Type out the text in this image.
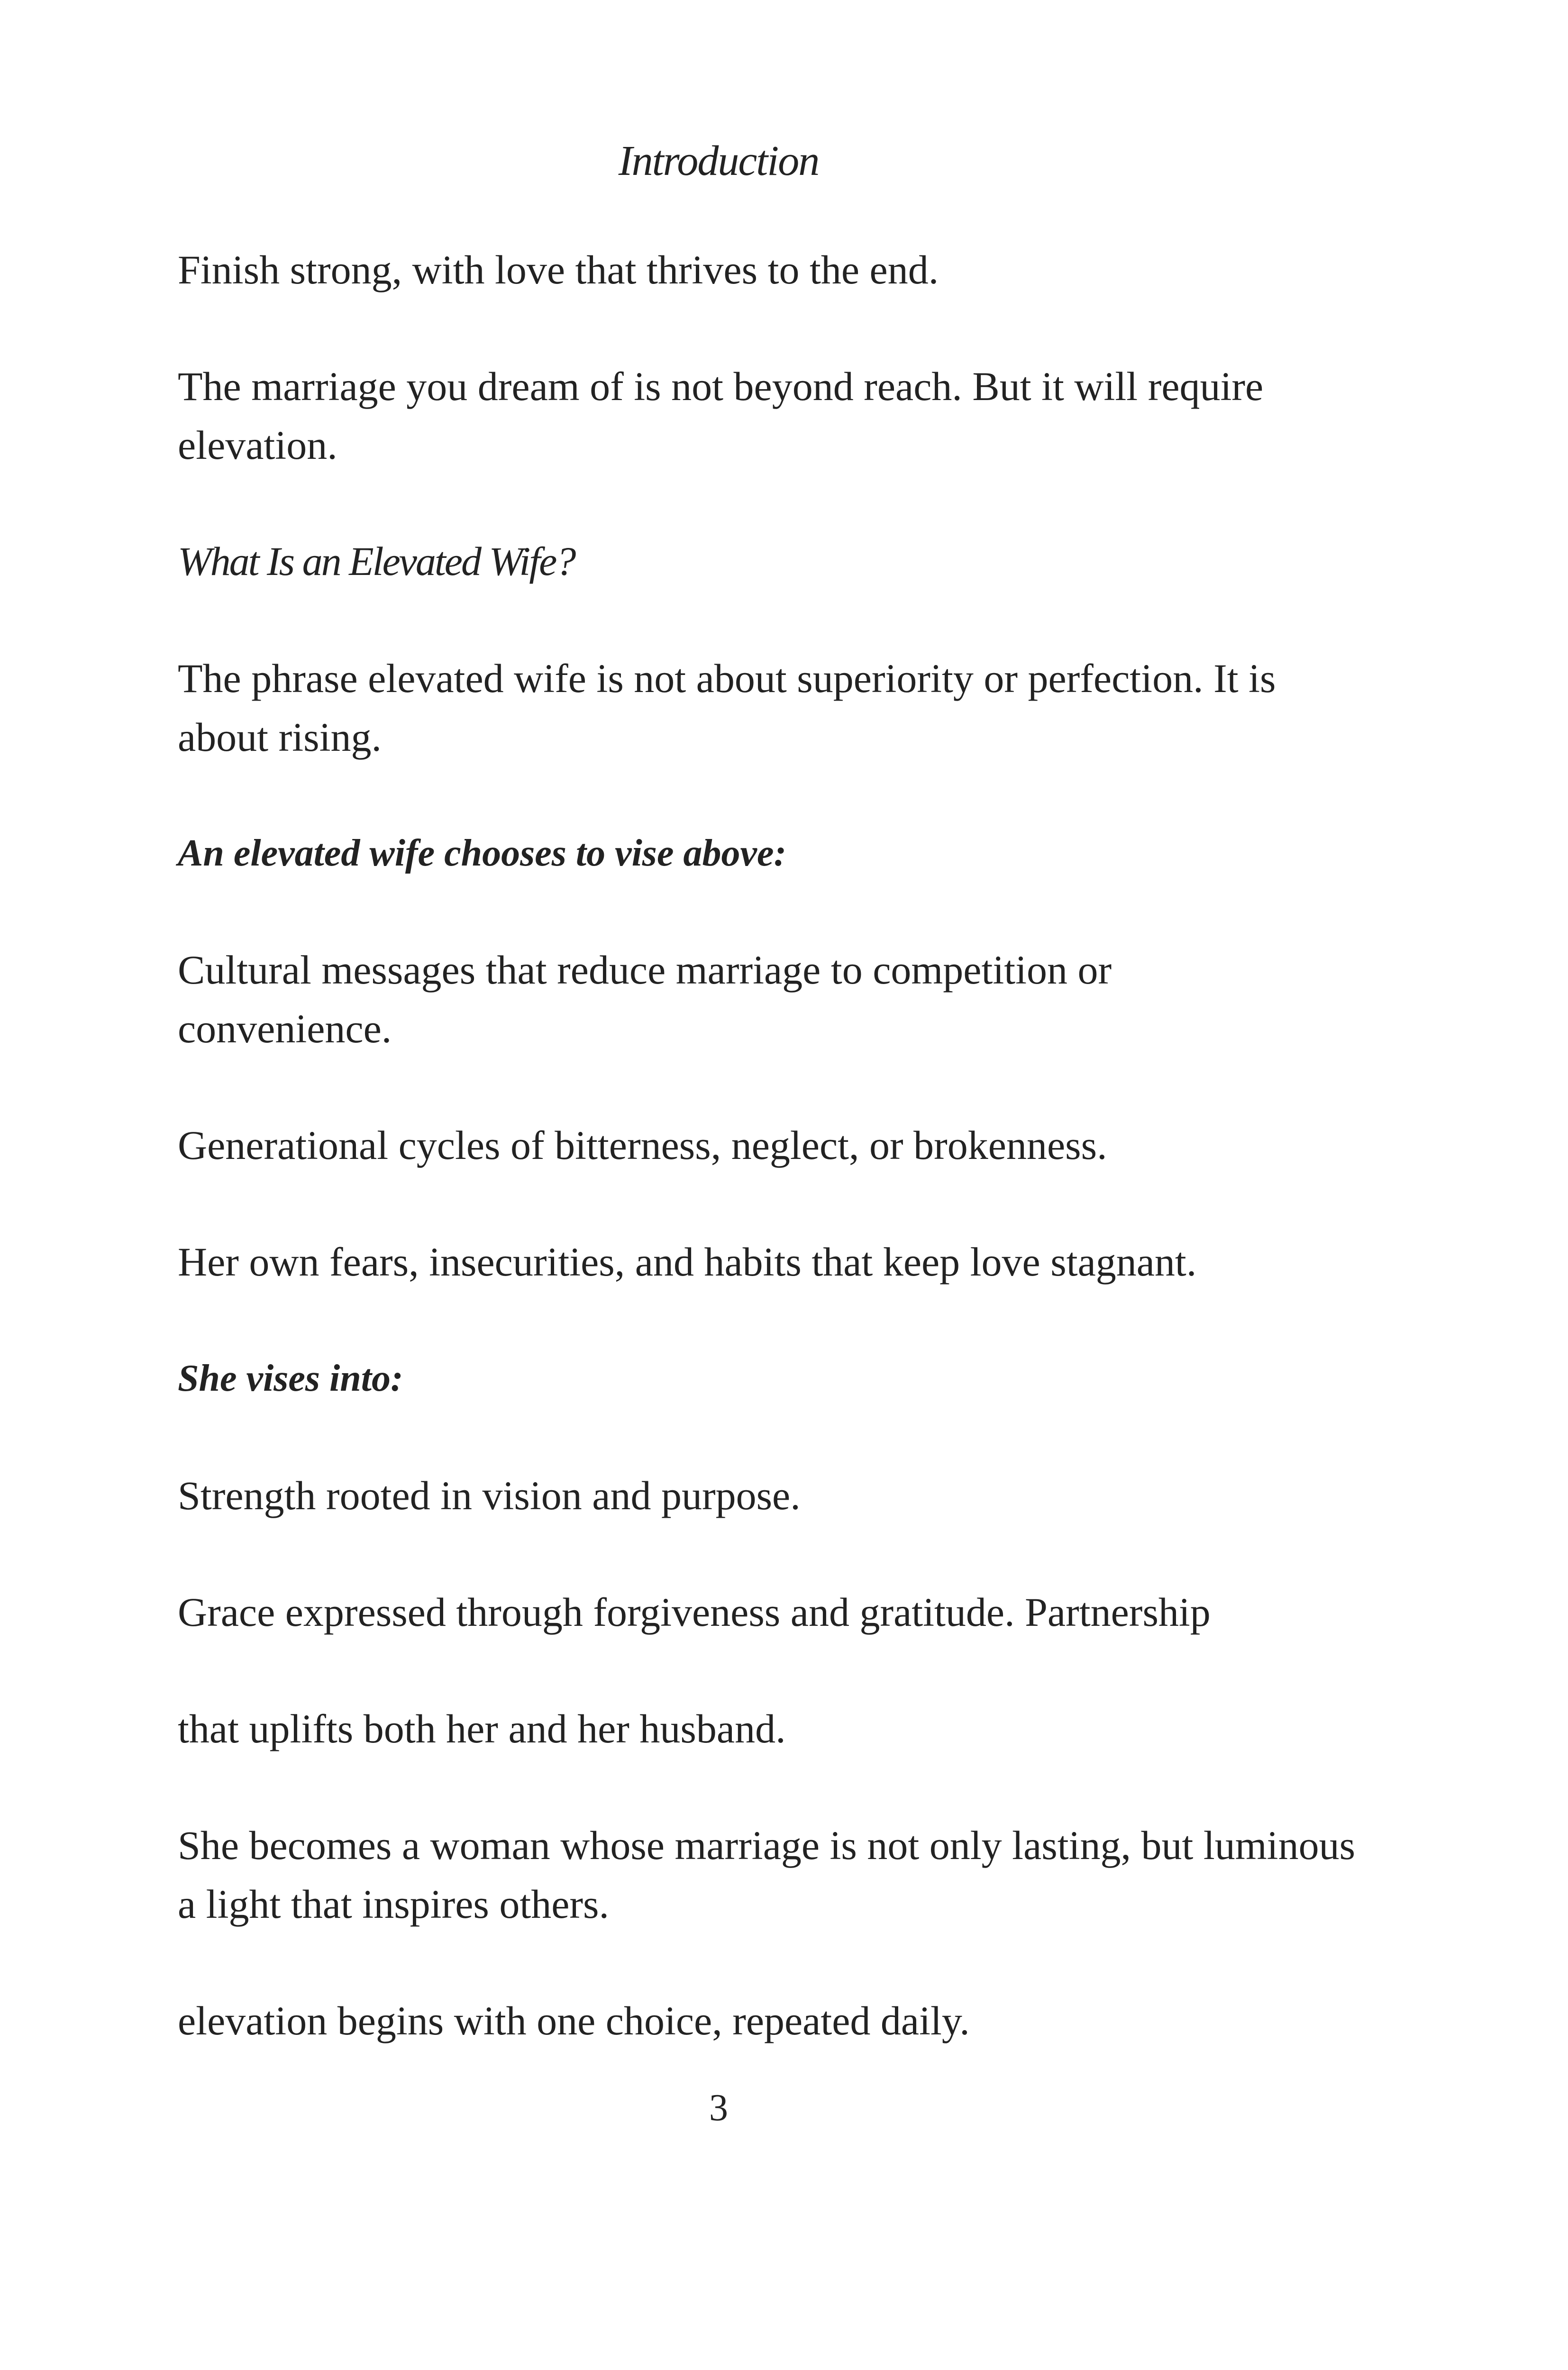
Introduction

Finish strong, with love that thrives to the end.

The marriage you dream of is not beyond reach. But it will require

elevation.

What Is an Elevated Wife?

The phrase elevated wife is not about superiority or perfection. It is

about rising.

An elevated wife chooses to vise above:

Cultural messages that reduce marriage to competition or

convenience.

Generational cycles of bitterness, neglect, or brokenness.

Her own fears, insecurities, and habits that keep love stagnant.

She vises into:

Strength rooted in vision and purpose.

Grace expressed through forgiveness and gratitude. Partnership

that uplifts both her and her husband.

She becomes a woman whose marriage is not only lasting, but luminous

a light that inspires others.

elevation begins with one choice, repeated daily.

3
